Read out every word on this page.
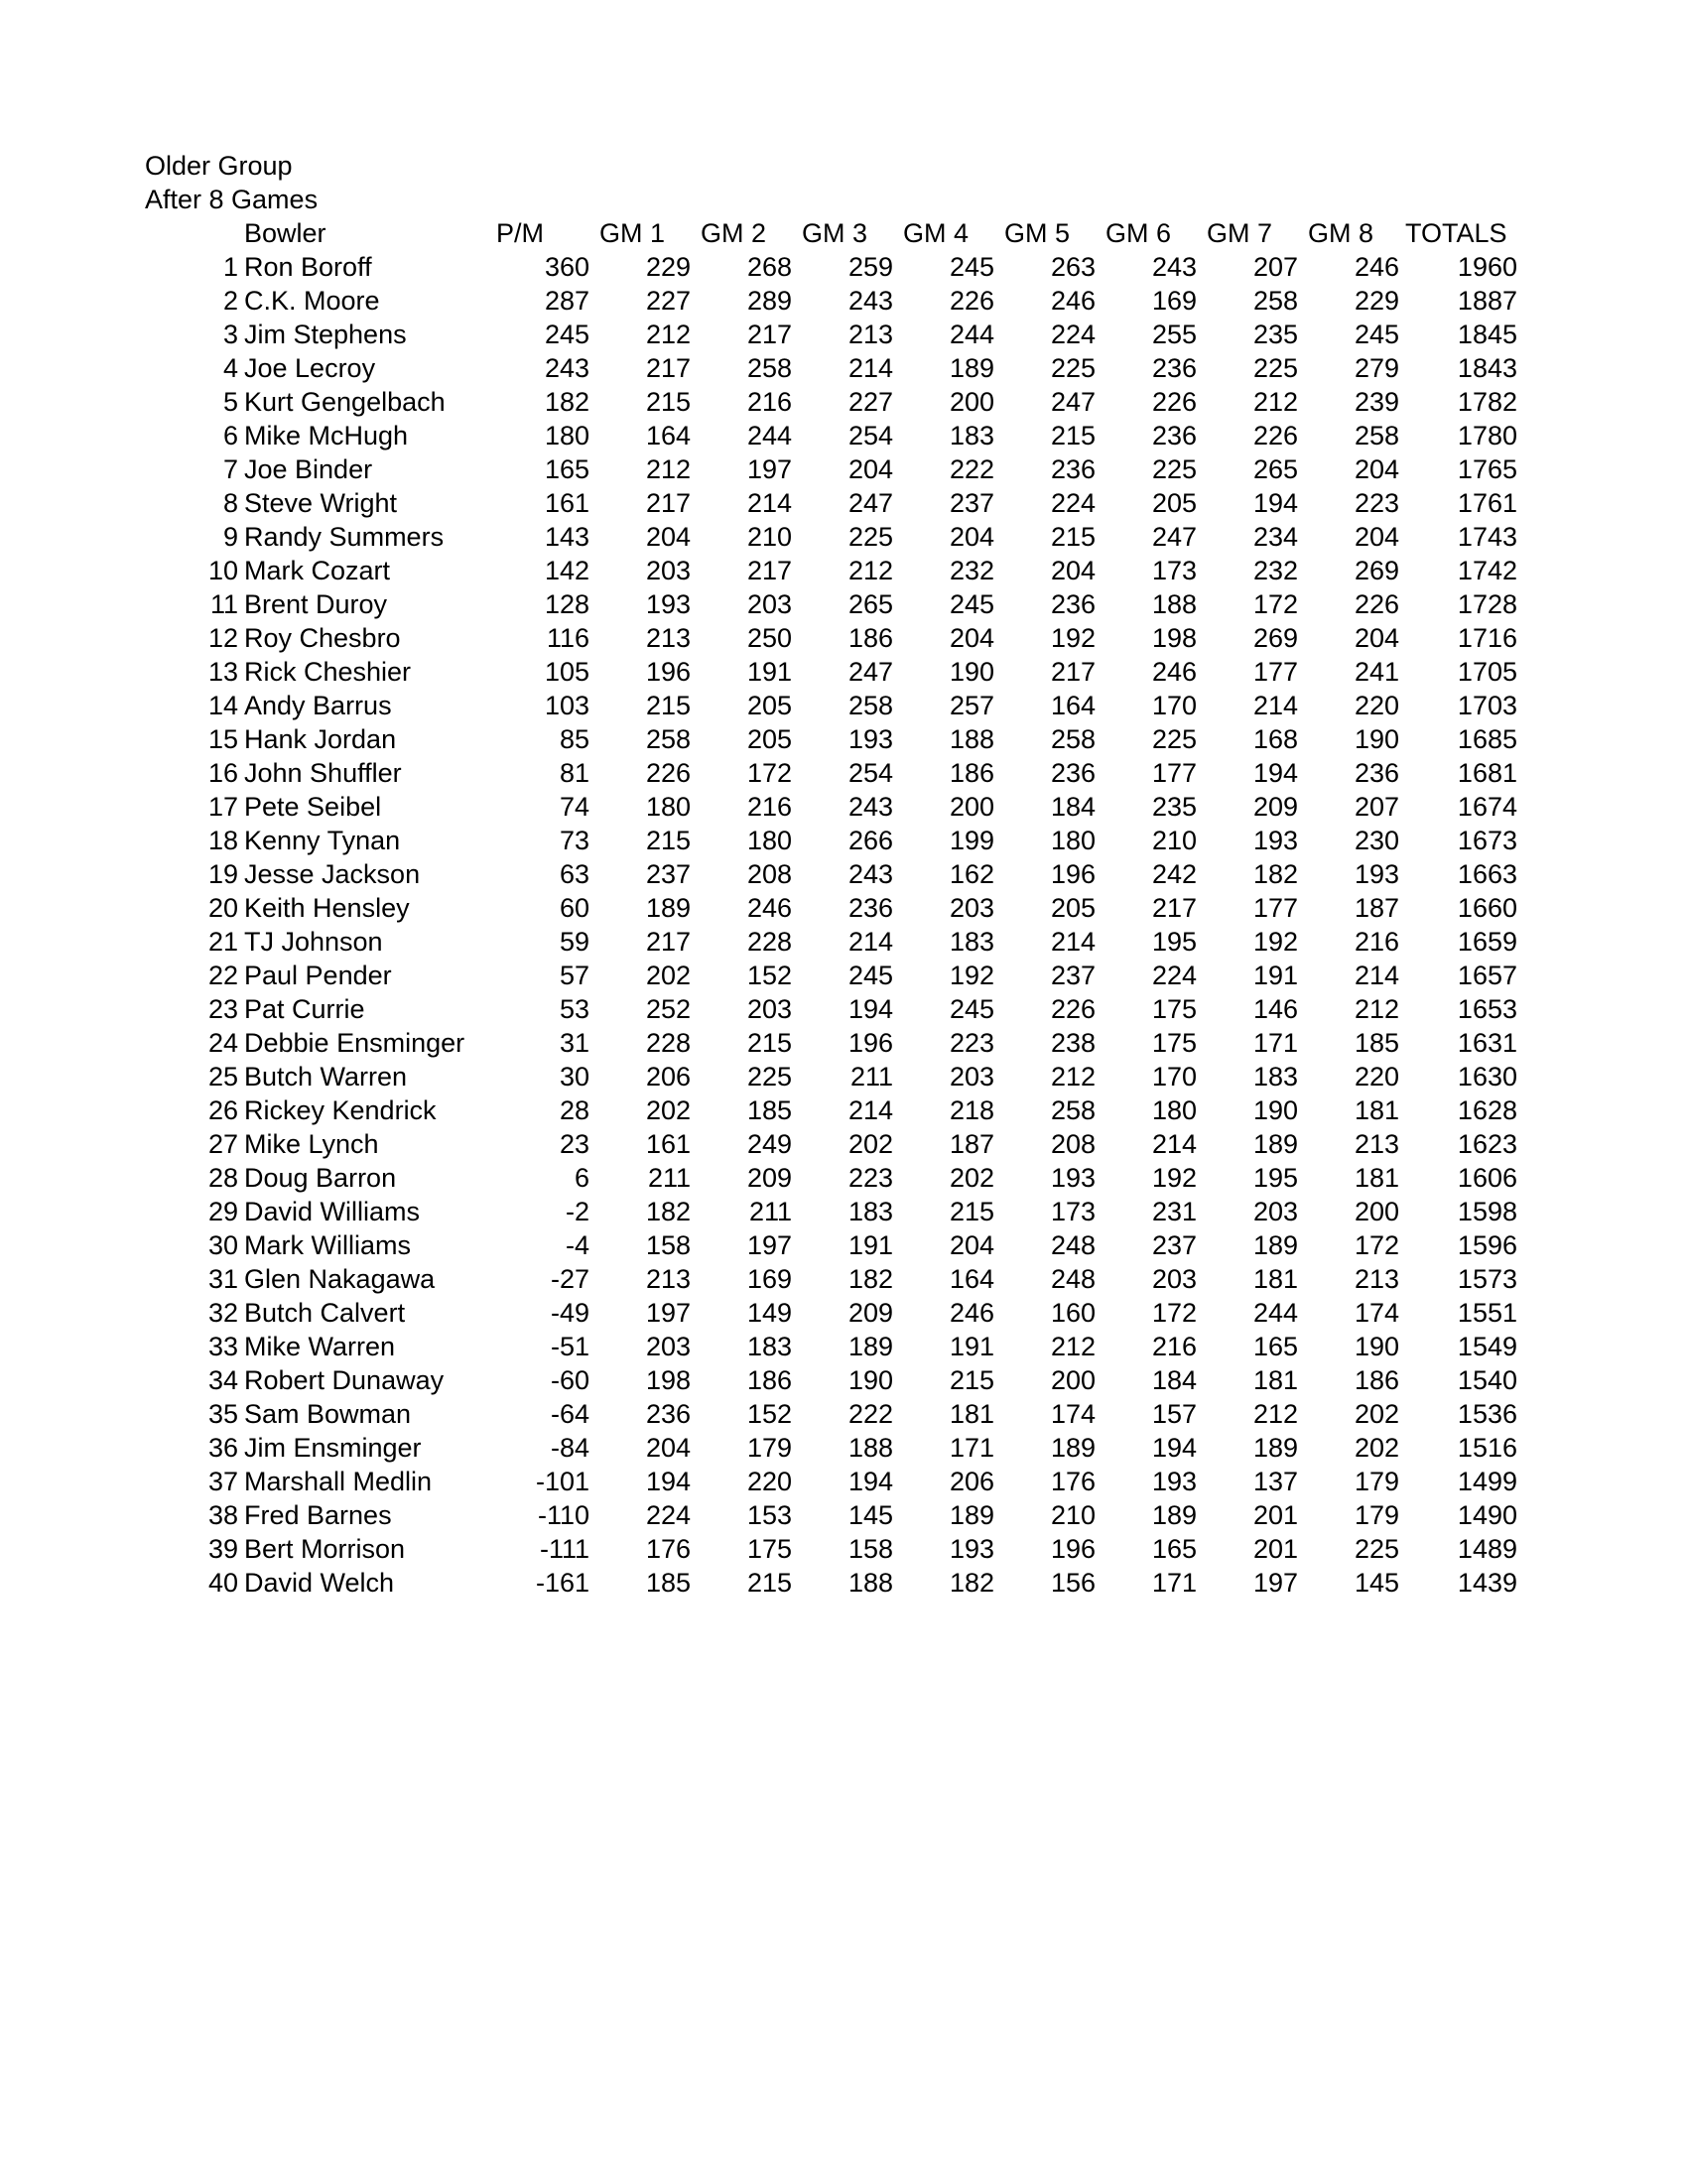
Older Group
After 8 Games
	Bowler	P/M	GM 1	GM 2	GM 3	GM 4	GM 5	GM 6	GM 7	GM 8	TOTALS
1	Ron Boroff	360	229	268	259	245	263	243	207	246	1960
2	C.K. Moore	287	227	289	243	226	246	169	258	229	1887
3	Jim Stephens	245	212	217	213	244	224	255	235	245	1845
4	Joe Lecroy	243	217	258	214	189	225	236	225	279	1843
5	Kurt Gengelbach	182	215	216	227	200	247	226	212	239	1782
6	Mike McHugh	180	164	244	254	183	215	236	226	258	1780
7	Joe Binder	165	212	197	204	222	236	225	265	204	1765
8	Steve Wright	161	217	214	247	237	224	205	194	223	1761
9	Randy Summers	143	204	210	225	204	215	247	234	204	1743
10	Mark Cozart	142	203	217	212	232	204	173	232	269	1742
11	Brent Duroy	128	193	203	265	245	236	188	172	226	1728
12	Roy Chesbro	116	213	250	186	204	192	198	269	204	1716
13	Rick Cheshier	105	196	191	247	190	217	246	177	241	1705
14	Andy Barrus	103	215	205	258	257	164	170	214	220	1703
15	Hank Jordan	85	258	205	193	188	258	225	168	190	1685
16	John Shuffler	81	226	172	254	186	236	177	194	236	1681
17	Pete Seibel	74	180	216	243	200	184	235	209	207	1674
18	Kenny Tynan	73	215	180	266	199	180	210	193	230	1673
19	Jesse Jackson	63	237	208	243	162	196	242	182	193	1663
20	Keith Hensley	60	189	246	236	203	205	217	177	187	1660
21	TJ Johnson	59	217	228	214	183	214	195	192	216	1659
22	Paul Pender	57	202	152	245	192	237	224	191	214	1657
23	Pat Currie	53	252	203	194	245	226	175	146	212	1653
24	Debbie Ensminger	31	228	215	196	223	238	175	171	185	1631
25	Butch Warren	30	206	225	211	203	212	170	183	220	1630
26	Rickey Kendrick	28	202	185	214	218	258	180	190	181	1628
27	Mike Lynch	23	161	249	202	187	208	214	189	213	1623
28	Doug Barron	6	211	209	223	202	193	192	195	181	1606
29	David Williams	-2	182	211	183	215	173	231	203	200	1598
30	Mark Williams	-4	158	197	191	204	248	237	189	172	1596
31	Glen Nakagawa	-27	213	169	182	164	248	203	181	213	1573
32	Butch Calvert	-49	197	149	209	246	160	172	244	174	1551
33	Mike Warren	-51	203	183	189	191	212	216	165	190	1549
34	Robert Dunaway	-60	198	186	190	215	200	184	181	186	1540
35	Sam Bowman	-64	236	152	222	181	174	157	212	202	1536
36	Jim Ensminger	-84	204	179	188	171	189	194	189	202	1516
37	Marshall Medlin	-101	194	220	194	206	176	193	137	179	1499
38	Fred Barnes	-110	224	153	145	189	210	189	201	179	1490
39	Bert Morrison	-111	176	175	158	193	196	165	201	225	1489
40	David Welch	-161	185	215	188	182	156	171	197	145	1439
